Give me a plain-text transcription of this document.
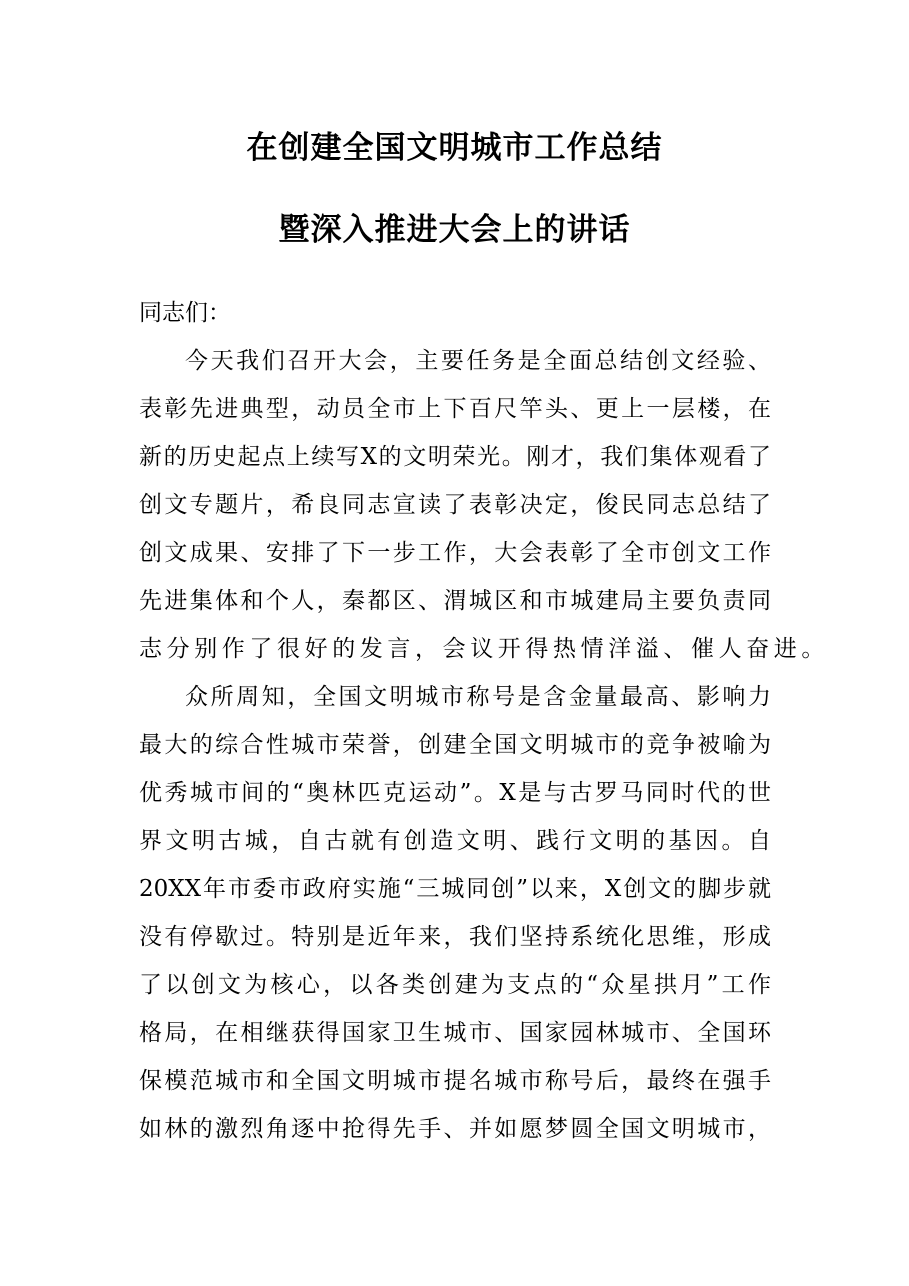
在创建全国文明城市工作总结
暨深入推进大会上的讲话
同志们：
今天我们召开大会，主要任务是全面总结创文经验、
表彰先进典型，动员全市上下百尺竿头、更上一层楼，在
新的历史起点上续写X的文明荣光。刚才，我们集体观看了
创文专题片，希良同志宣读了表彰决定，俊民同志总结了
创文成果、安排了下一步工作，大会表彰了全市创文工作
先进集体和个人，秦都区、渭城区和市城建局主要负责同
志分别作了很好的发言，会议开得热情洋溢、催人奋进。
众所周知，全国文明城市称号是含金量最高、影响力
最大的综合性城市荣誉，创建全国文明城市的竞争被喻为
优秀城市间的“奥林匹克运动”。X是与古罗马同时代的世
界文明古城，自古就有创造文明、践行文明的基因。自
20XX年市委市政府实施“三城同创”以来，X创文的脚步就
没有停歇过。特别是近年来，我们坚持系统化思维，形成
了以创文为核心，以各类创建为支点的“众星拱月”工作
格局，在相继获得国家卫生城市、国家园林城市、全国环
保模范城市和全国文明城市提名城市称号后，最终在强手
如林的激烈角逐中抢得先手、并如愿梦圆全国文明城市，
